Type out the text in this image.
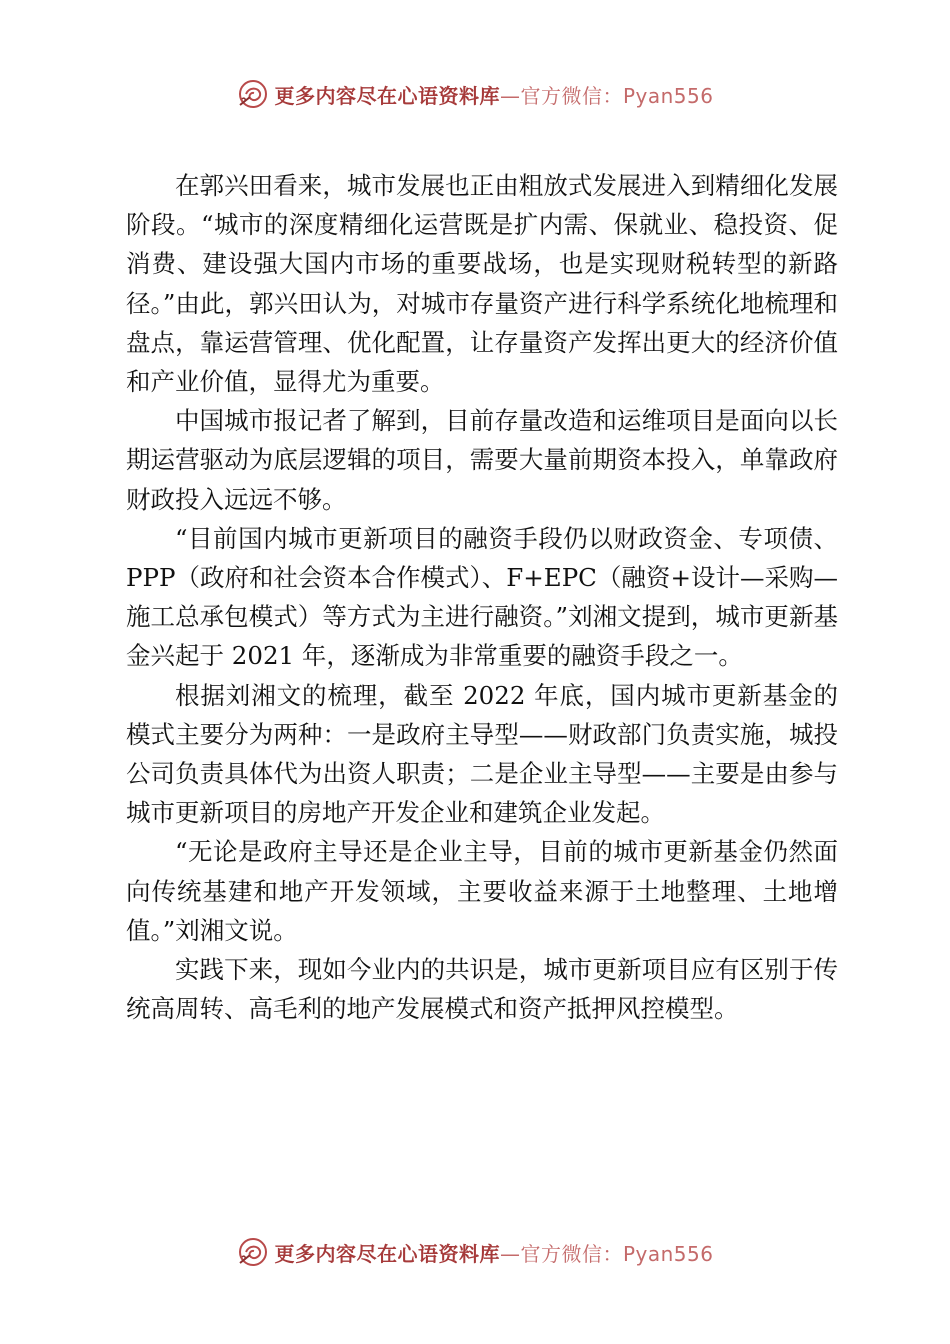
更多内容尽在心语资料库 —官方微信：Pyan556

在郭兴田看来，城市发展也正由粗放式发展进入到精细化发展阶段。“城市的深度精细化运营既是扩内需、保就业、稳投资、促消费、建设强大国内市场的重要战场，也是实现财税转型的新路径。”由此，郭兴田认为，对城市存量资产进行科学系统化地梳理和盘点，靠运营管理、优化配置，让存量资产发挥出更大的经济价值和产业价值，显得尤为重要。

中国城市报记者了解到，目前存量改造和运维项目是面向以长期运营驱动为底层逻辑的项目，需要大量前期资本投入，单靠政府财政投入远远不够。

“目前国内城市更新项目的融资手段仍以财政资金、专项债、PPP（政府和社会资本合作模式）、F+EPC（融资+设计—采购—施工总承包模式）等方式为主进行融资。”刘湘文提到，城市更新基金兴起于 2021 年，逐渐成为非常重要的融资手段之一。

根据刘湘文的梳理，截至 2022 年底，国内城市更新基金的模式主要分为两种：一是政府主导型——财政部门负责实施，城投公司负责具体代为出资人职责；二是企业主导型——主要是由参与城市更新项目的房地产开发企业和建筑企业发起。

“无论是政府主导还是企业主导，目前的城市更新基金仍然面向传统基建和地产开发领域，主要收益来源于土地整理、土地增值。”刘湘文说。

实践下来，现如今业内的共识是，城市更新项目应有区别于传统高周转、高毛利的地产发展模式和资产抵押风控模型。

更多内容尽在心语资料库 —官方微信：Pyan556
